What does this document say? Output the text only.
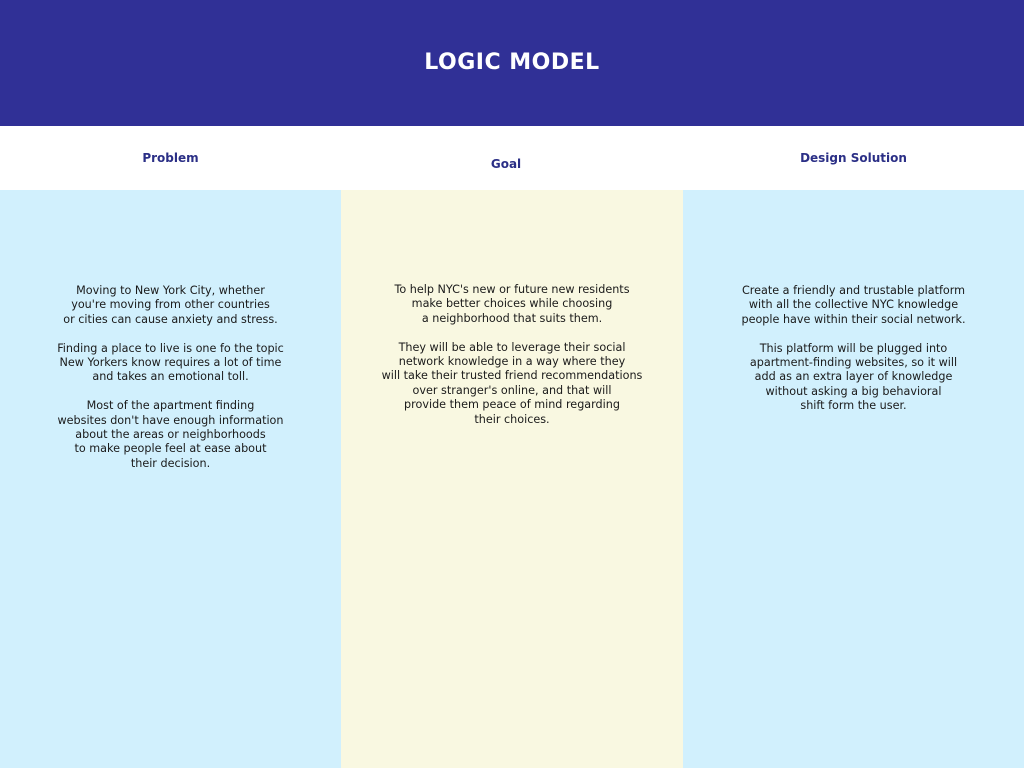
LOGIC MODEL
Problem	Goal	Design Solution

Moving to New York City, whether
you're moving from other countries
or cities can cause anxiety and stress.

Finding a place to live is one fo the topic
New Yorkers know requires a lot of time
and takes an emotional toll.

Most of the apartment finding
websites don't have enough information
about the areas or neighborhoods
to make people feel at ease about
their decision.

To help NYC's new or future new residents
make better choices while choosing
a neighborhood that suits them.

They will be able to leverage their social
network knowledge in a way where they
will take their trusted friend recommendations
over stranger's online, and that will
provide them peace of mind regarding
their choices.

Create a friendly and trustable platform
with all the collective NYC knowledge
people have within their social network.

This platform will be plugged into
apartment-finding websites, so it will
add as an extra layer of knowledge
without asking a big behavioral
shift form the user.
